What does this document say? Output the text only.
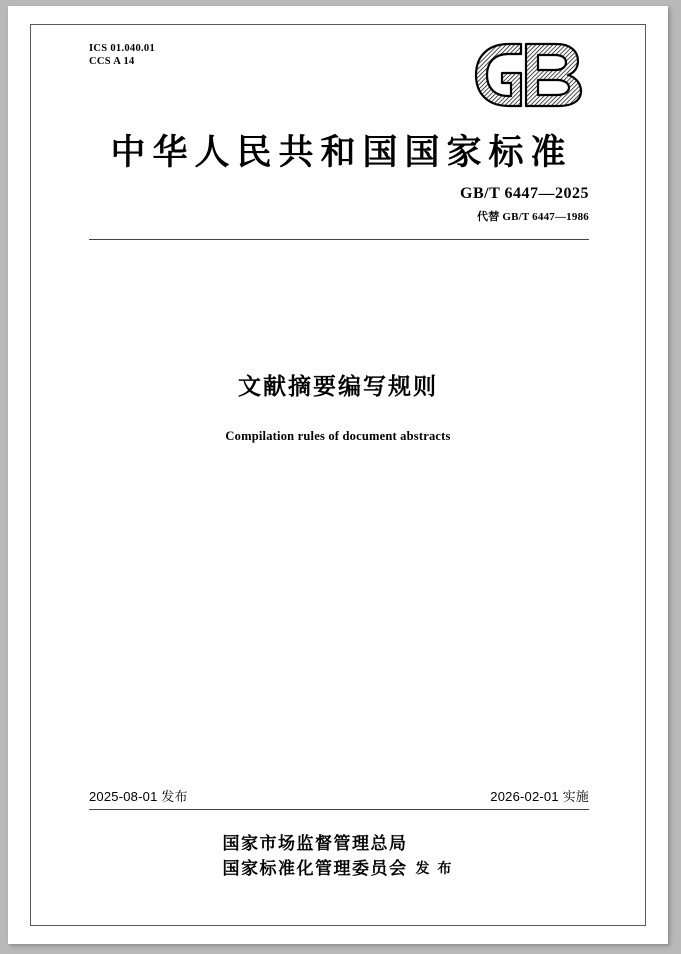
ICS 01.040.01
CCS A 14
中华人民共和国国家标准
GB/T 6447—2025
代替 GB/T 6447—1986
文献摘要编写规则
Compilation rules of document abstracts
2025-08-01 发布	2026-02-01 实施
国家市场监督管理总局
国家标准化管理委员会 发 布
